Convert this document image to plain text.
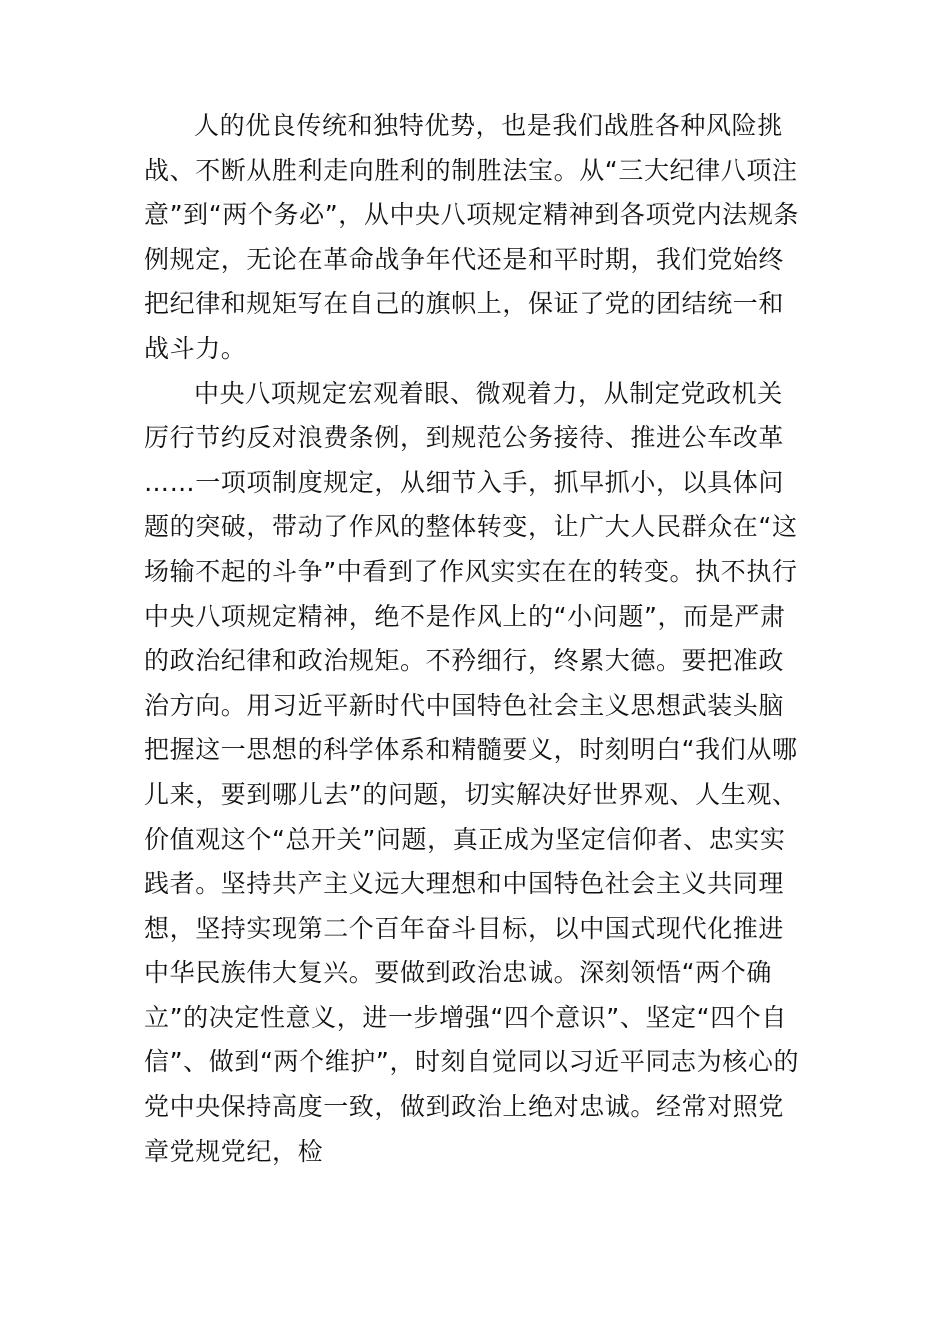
人的优良传统和独特优势，也是我们战胜各种风险挑
战、不断从胜利走向胜利的制胜法宝。从“三大纪律八项注
意”到“两个务必”，从中央八项规定精神到各项党内法规条
例规定，无论在革命战争年代还是和平时期，我们党始终
把纪律和规矩写在自己的旗帜上，保证了党的团结统一和
战斗力。
中央八项规定宏观着眼、微观着力，从制定党政机关
厉行节约反对浪费条例，到规范公务接待、推进公车改革
……一项项制度规定，从细节入手，抓早抓小，以具体问
题的突破，带动了作风的整体转变，让广大人民群众在“这
场输不起的斗争”中看到了作风实实在在的转变。执不执行
中央八项规定精神，绝不是作风上的“小问题”，而是严肃
的政治纪律和政治规矩。不矜细行，终累大德。要把准政
治方向。用习近平新时代中国特色社会主义思想武装头脑
把握这一思想的科学体系和精髓要义，时刻明白“我们从哪
儿来，要到哪儿去”的问题，切实解决好世界观、人生观、
价值观这个“总开关”问题，真正成为坚定信仰者、忠实实
践者。坚持共产主义远大理想和中国特色社会主义共同理
想，坚持实现第二个百年奋斗目标，以中国式现代化推进
中华民族伟大复兴。要做到政治忠诚。深刻领悟“两个确
立”的决定性意义，进一步增强“四个意识”、坚定“四个自
信”、做到“两个维护”，时刻自觉同以习近平同志为核心的
党中央保持高度一致，做到政治上绝对忠诚。经常对照党
章党规党纪，检
